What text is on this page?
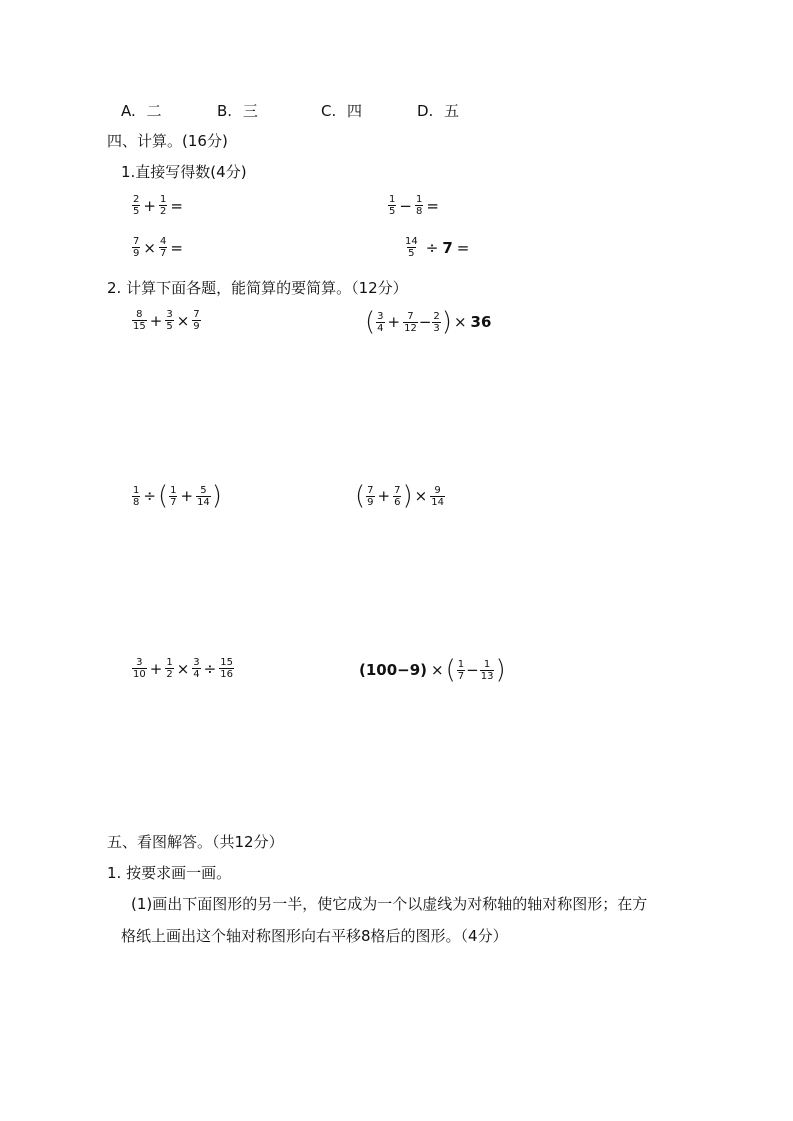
A. 二	B. 三	C. 四	D. 五
四、计算。(16分)
1.直接写得数(4分)
$\frac{2}{5} + \frac{1}{2}$ =	$\frac{1}{5} - \frac{1}{8}$ =
$\frac{7}{9} \times \frac{4}{7}$ =	$\frac{14}{5} \div 7$ =
2. 计算下面各题，能简算的要简算。（12分）
$\frac{8}{15} + \frac{3}{5} \times \frac{7}{9}$	( $\frac{3}{4} + \frac{7}{12} - \frac{2}{3}$ ) × 36
$\frac{1}{8}$ ÷ ( $\frac{1}{7} + \frac{5}{14}$ )	( $\frac{7}{9} + \frac{7}{6}$ ) × $\frac{9}{14}$
$\frac{3}{10} + \frac{1}{2} \times \frac{3}{4} \div \frac{15}{16}$	(100−9) × ( $\frac{1}{7} - \frac{1}{13}$ )
五、看图解答。（共12分）
1. 按要求画一画。
(1)画出下面图形的另一半，使它成为一个以虚线为对称轴的轴对称图形；在方
格纸上画出这个轴对称图形向右平移8格后的图形。（4分）
